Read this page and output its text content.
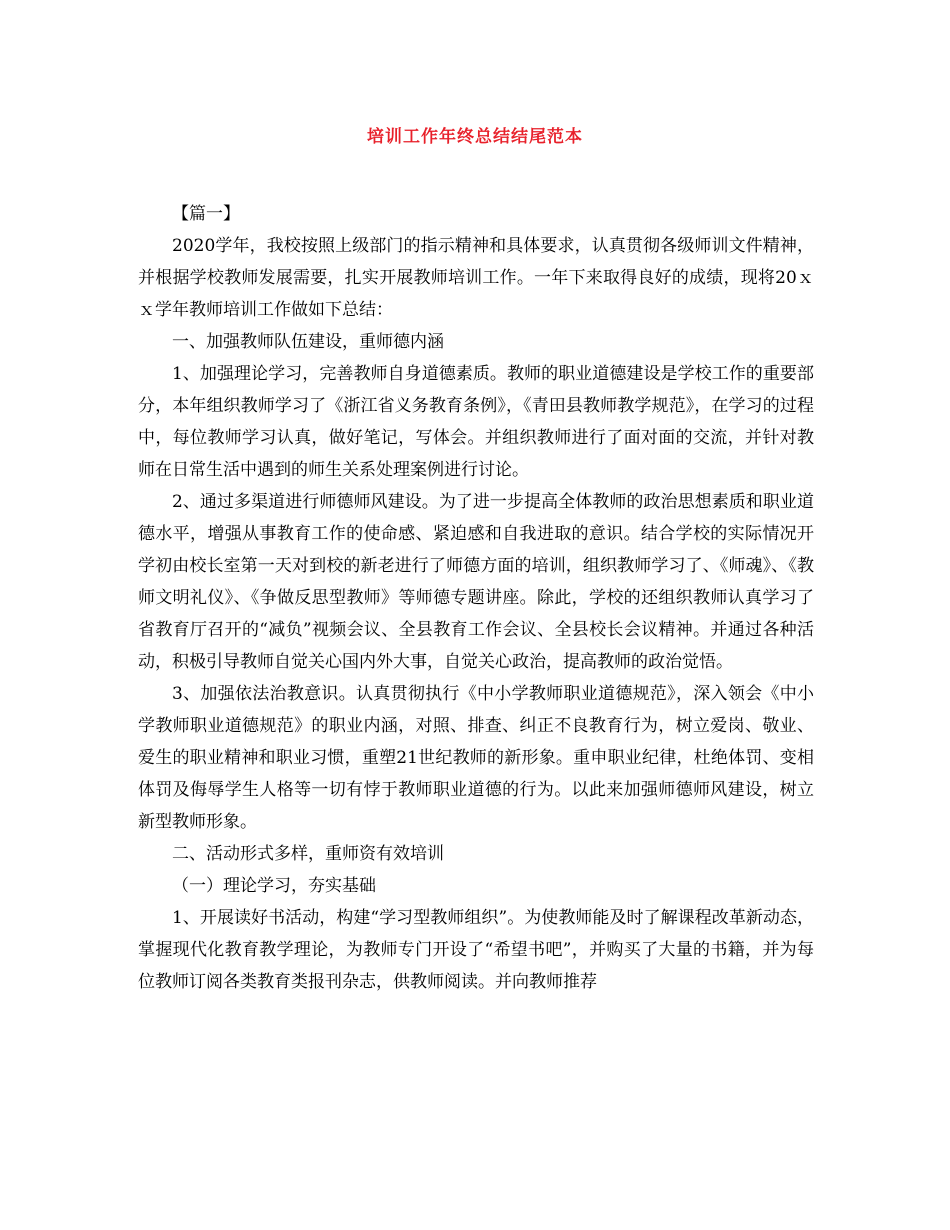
培训工作年终总结结尾范本

【篇一】

2020学年，我校按照上级部门的指示精神和具体要求，认真贯彻各级师训文件精神，并根据学校教师发展需要，扎实开展教师培训工作。一年下来取得良好的成绩，现将20ｘｘ学年教师培训工作做如下总结：

一、加强教师队伍建设，重师德内涵

1、加强理论学习，完善教师自身道德素质。教师的职业道德建设是学校工作的重要部分，本年组织教师学习了《浙江省义务教育条例》，《青田县教师教学规范》，在学习的过程中，每位教师学习认真，做好笔记，写体会。并组织教师进行了面对面的交流，并针对教师在日常生活中遇到的师生关系处理案例进行讨论。

2、通过多渠道进行师德师风建设。为了进一步提高全体教师的政治思想素质和职业道德水平，增强从事教育工作的使命感、紧迫感和自我进取的意识。结合学校的实际情况开学初由校长室第一天对到校的新老进行了师德方面的培训，组织教师学习了、《师魂》、《教师文明礼仪》、《争做反思型教师》等师德专题讲座。除此，学校的还组织教师认真学习了省教育厅召开的“减负”视频会议、全县教育工作会议、全县校长会议精神。并通过各种活动，积极引导教师自觉关心国内外大事，自觉关心政治，提高教师的政治觉悟。

3、加强依法治教意识。认真贯彻执行《中小学教师职业道德规范》，深入领会《中小学教师职业道德规范》的职业内涵，对照、排查、纠正不良教育行为，树立爱岗、敬业、爱生的职业精神和职业习惯，重塑21世纪教师的新形象。重申职业纪律，杜绝体罚、变相体罚及侮辱学生人格等一切有悖于教师职业道德的行为。以此来加强师德师风建设，树立新型教师形象。

二、活动形式多样，重师资有效培训

（一）理论学习，夯实基础

1、开展读好书活动，构建“学习型教师组织”。为使教师能及时了解课程改革新动态，掌握现代化教育教学理论，为教师专门开设了“希望书吧”，并购买了大量的书籍，并为每位教师订阅各类教育类报刊杂志，供教师阅读。并向教师推荐
